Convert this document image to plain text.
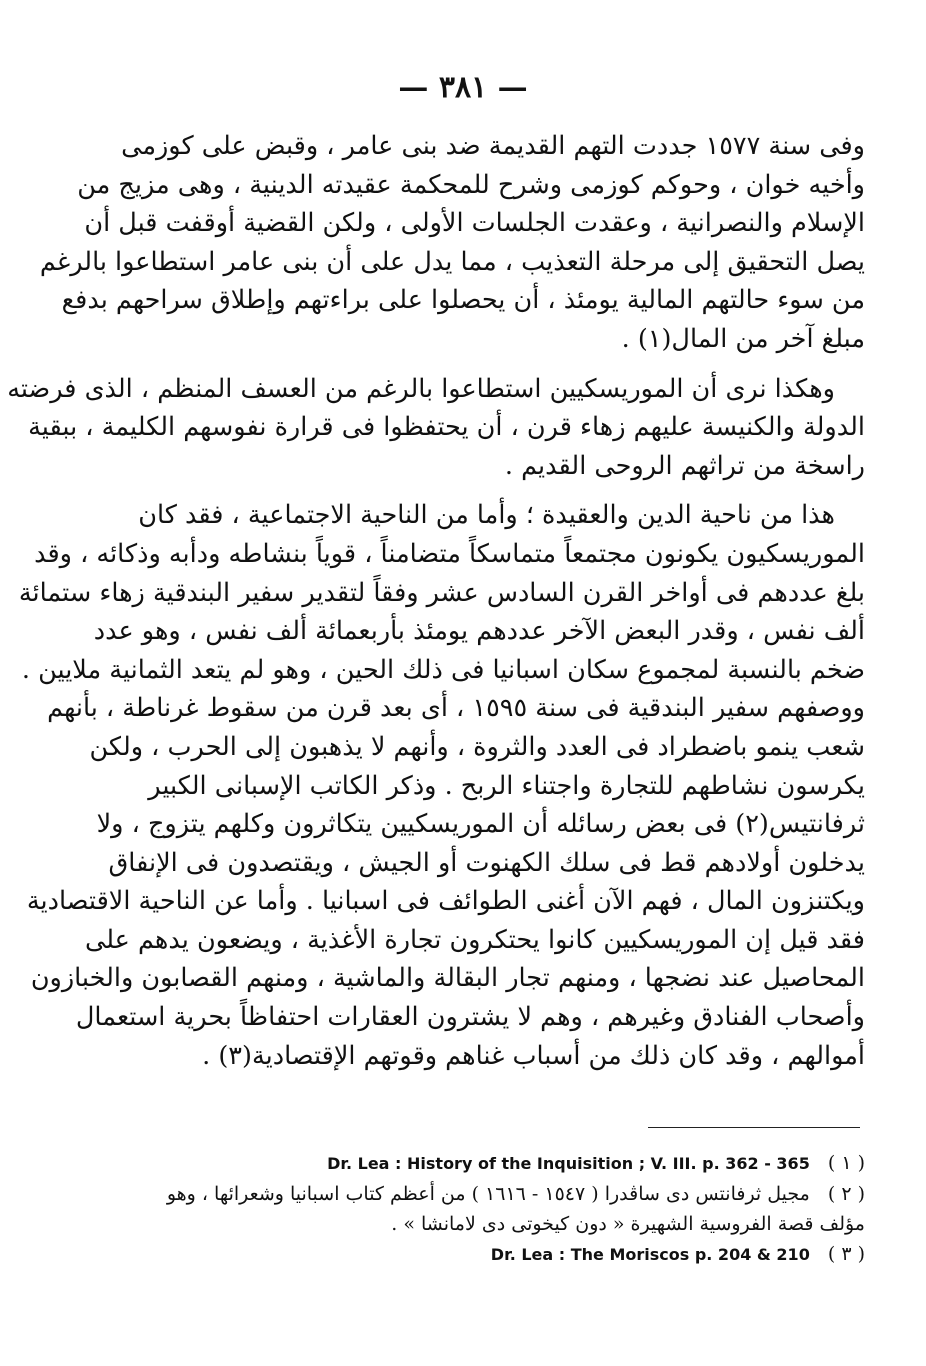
— ٣٨١ —
وفى سنة ١٥٧٧ جددت التهم القديمة ضد بنى عامر ، وقبض على كوزمى
وأخيه خوان ، وحوكم كوزمى وشرح للمحكمة عقيدته الدينية ، وهى مزيج من
الإسلام والنصرانية ، وعقدت الجلسات الأولى ، ولكن القضية أوقفت قبل أن
يصل التحقيق إلى مرحلة التعذيب ، مما يدل على أن بنى عامر استطاعوا بالرغم
من سوء حالتهم المالية يومئذ ، أن يحصلوا على براءتهم وإطلاق سراحهم بدفع
مبلغ آخر من المال(١) .
وهكذا نرى أن الموريسكيين استطاعوا بالرغم من العسف المنظم ، الذى فرضته
الدولة والكنيسة عليهم زهاء قرن ، أن يحتفظوا فى قرارة نفوسهم الكليمة ، ببقية
راسخة من تراثهم الروحى القديم .
هذا من ناحية الدين والعقيدة ؛ وأما من الناحية الاجتماعية ، فقد كان
الموريسكيون يكونون مجتمعاً متماسكاً متضامناً ، قوياً بنشاطه ودأبه وذكائه ، وقد
بلغ عددهم فى أواخر القرن السادس عشر وفقاً لتقدير سفير البندقية زهاء ستمائة
ألف نفس ، وقدر البعض الآخر عددهم يومئذ بأربعمائة ألف نفس ، وهو عدد
ضخم بالنسبة لمجموع سكان اسبانيا فى ذلك الحين ، وهو لم يتعد الثمانية ملايين .
ووصفهم سفير البندقية فى سنة ١٥٩٥ ، أى بعد قرن من سقوط غرناطة ، بأنهم
شعب ينمو باضطراد فى العدد والثروة ، وأنهم لا يذهبون إلى الحرب ، ولكن
يكرسون نشاطهم للتجارة واجتناء الربح . وذكر الكاتب الإسبانى الكبير
ثرفانتيس(٢) فى بعض رسائله أن الموريسكيين يتكاثرون وكلهم يتزوج ، ولا
يدخلون أولادهم قط فى سلك الكهنوت أو الجيش ، ويقتصدون فى الإنفاق
ويكتنزون المال ، فهم الآن أغنى الطوائف فى اسبانيا . وأما عن الناحية الاقتصادية
فقد قيل إن الموريسكيين كانوا يحتكرون تجارة الأغذية ، ويضعون يدهم على
المحاصيل عند نضجها ، ومنهم تجار البقالة والماشية ، ومنهم القصابون والخبازون
وأصحاب الفنادق وغيرهم ، وهم لا يشترون العقارات احتفاظاً بحرية استعمال
أموالهم ، وقد كان ذلك من أسباب غناهم وقوتهم الإقتصادية(٣) .
( ١ ) Dr. Lea : History of the Inquisition ; V. III. p. 362 - 365
( ٢ ) مجيل ثرفانتس دى ساڤدرا ( ١٥٤٧ - ١٦١٦ ) من أعظم كتاب اسبانيا وشعرائها ، وهو
مؤلف قصة الفروسية الشهيرة « دون كيخوتى دى لامانشا » .
( ٣ ) Dr. Lea : The Moriscos p. 204 & 210
